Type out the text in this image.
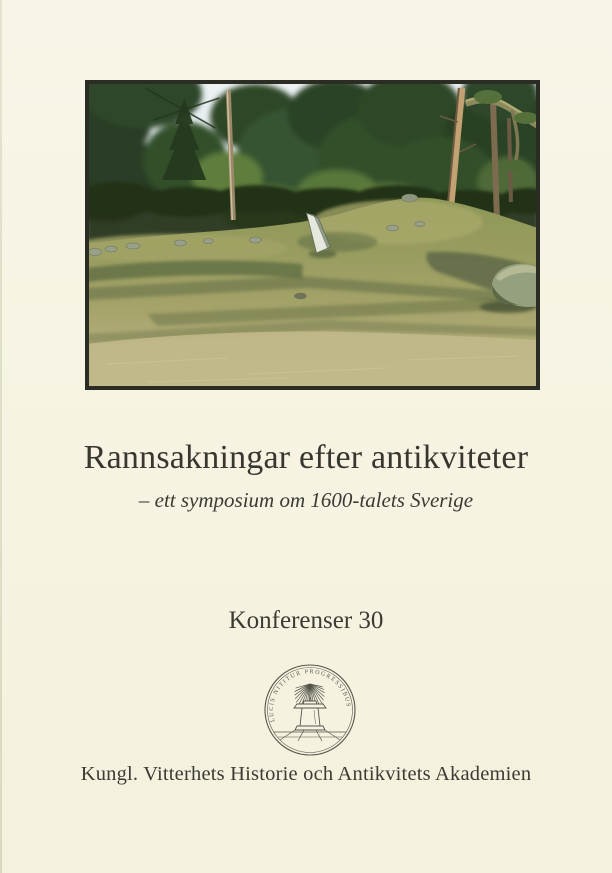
Rannsakningar efter antikviteter
– ett symposium om 1600-talets Sverige
Konferenser 30
LUCIS NITITUR PROGRESSIBUS
Kungl. Vitterhets Historie och Antikvitets Akademien
